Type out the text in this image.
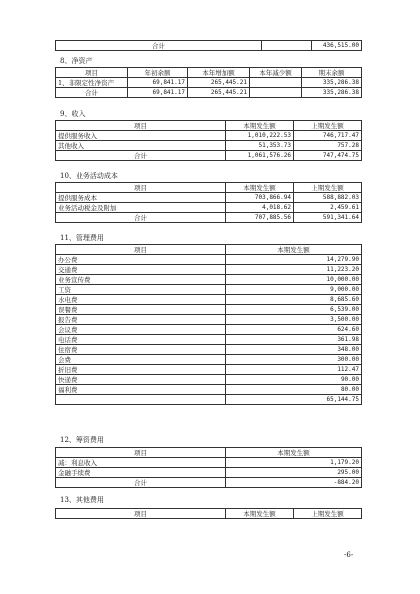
合计		436,515.00
8、净资产
项目	年初余额	本年增加额	本年减少额	期末余额
1、非限定性净资产	69,841.17	265,445.21		335,286.38
合计	69,841.17	265,445.21		335,286.38
9、收入
项目	本期发生额	上期发生额
提供服务收入	1,010,222.53	746,717.47
其他收入	51,353.73	757.28
合计	1,061,576.26	747,474.75
10、业务活动成本
项目	本期发生额	上期发生额
提供服务成本	703,866.94	588,882.03
业务活动税金及附加	4,018.62	2,459.61
合计	707,885.56	591,341.64
11、管理费用
项目	本期发生额
办公费	14,279.90
交通费	11,223.20
业务宣传费	10,000.00
工资	9,000.00
水电费	8,685.60
误餐费	6,539.00
报告费	3,500.00
会议费	624.60
电话费	361.98
住宿费	348.00
会费	300.00
折旧费	112.47
快递费	90.00
福利费	80.00
	65,144.75
12、筹资费用
项目	本期发生额
减：利息收入	1,179.20
金融手续费	295.00
合计	-884.20
13、其他费用
项目	本期发生额	上期发生额
-6-
